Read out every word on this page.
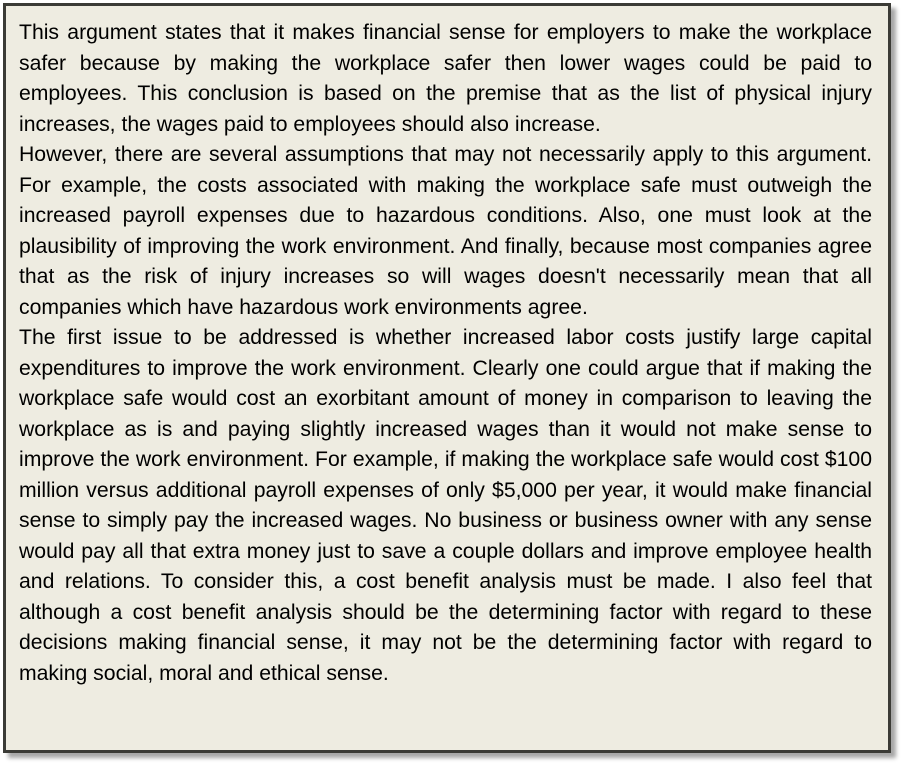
This argument states that it makes financial sense for employers to make the workplace safer because by making the workplace safer then lower wages could be paid to employees. This conclusion is based on the premise that as the list of physical injury increases, the wages paid to employees should also increase.

However, there are several assumptions that may not necessarily apply to this argument. For example, the costs associated with making the workplace safe must outweigh the increased payroll expenses due to hazardous conditions. Also, one must look at the plausibility of improving the work environment. And finally, because most companies agree that as the risk of injury increases so will wages doesn't necessarily mean that all companies which have hazardous work environments agree.

The first issue to be addressed is whether increased labor costs justify large capital expenditures to improve the work environment. Clearly one could argue that if making the workplace safe would cost an exorbitant amount of money in comparison to leaving the workplace as is and paying slightly increased wages than it would not make sense to improve the work environment. For example, if making the workplace safe would cost $100 million versus additional payroll expenses of only $5,000 per year, it would make financial sense to simply pay the increased wages. No business or business owner with any sense would pay all that extra money just to save a couple dollars and improve employee health and relations. To consider this, a cost benefit analysis must be made. I also feel that although a cost benefit analysis should be the determining factor with regard to these decisions making financial sense, it may not be the determining factor with regard to making social, moral and ethical sense.
